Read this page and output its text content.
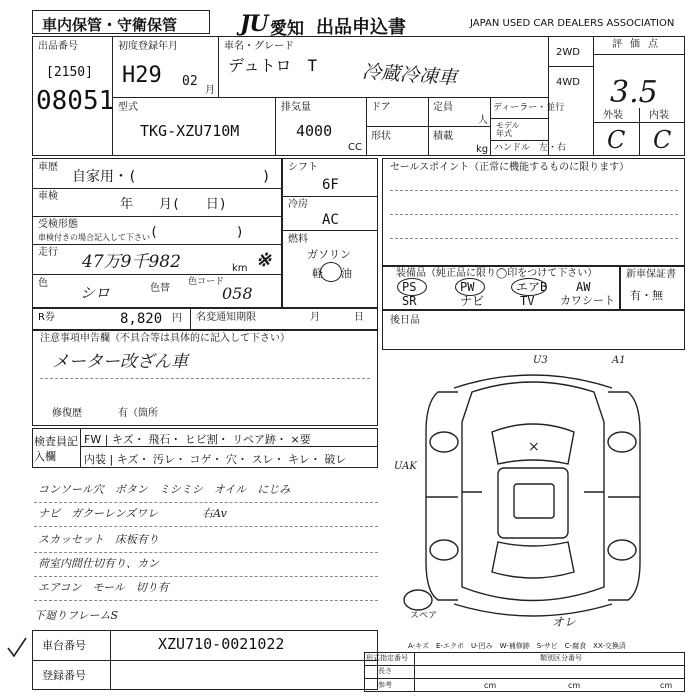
車内保管・守衛保管	JU 愛知 出品申込書	JAPAN USED CAR DEALERS ASSOCIATION
出品番号
[2150]
08051
初度登録年月
H29 02
月
車名・グレード
デュトロ　T 冷蔵冷凍車
2WD
4WD
評価点
3.5
外装	内装
C C
型式
TKG-XZU710M
排気量
4000
CC
ドア
形状
定員
人
積載
kg
ディーラー・並行
モデル年式
ハンドル　左・右
車歴
自家用・(	)
車検
年　　月(　　日)
受検形態
車検付きの場合記入して下さい (　　　　　　)
走行 47万9千982	km ※
色
シロ	色替
色コード
058
シフト
6F
冷房
AC
燃料
ガソリン
軽 油
セールスポイント（正常に機能するものに限ります）
装備品（純正品に限り◯印をつけて下さい）
PS	PW	エアB AW
SR	ナビ	TV カワシート
新車保証書
有・無
R券	8,820 円 名変通知期限	月	日	後日品
注意事項申告欄（不具合等は具体的に記入して下さい）
メーター改ざん車
修復歴	有（箇所
検査員記入欄
FW | キズ・ 飛石・ ヒビ割・ リペア跡・ ×要
内装 | キズ・ 汚レ・ コゲ・ 穴・ スレ・ キレ・ 破レ
コンソール穴　ボタン　ミシミシ　オイル　にじみ
ナビ　ガクーレンズワレ　　　　右Av
スカッセット　床板有り
荷室内間仕切有り、カン
エアコン　モール　切り有
下廻りフレームS
U3	A1
UAK
×
スペア	オレ
A-キズ　E-エクボ　U-凹み　W-補修跡　S-サビ　C-腐食　XX-交換済
車台番号	XZU710-0021022
登録番号
形式指定番号	類別区分番号
長さ
参考	cm	cm	cm
